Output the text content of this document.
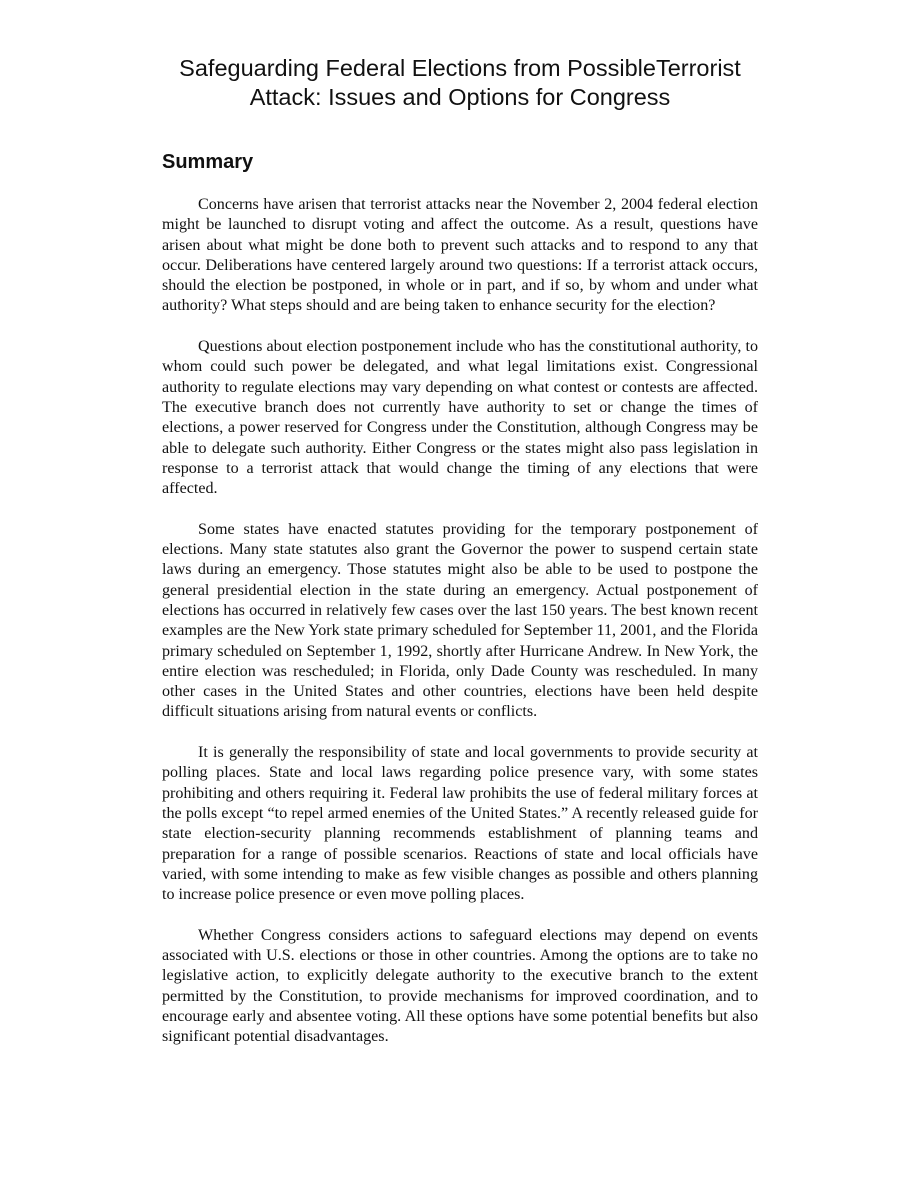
Safeguarding Federal Elections from PossibleTerrorist
Attack: Issues and Options for Congress
Summary

Concerns have arisen that terrorist attacks near the November 2, 2004 federal election might be launched to disrupt voting and affect the outcome. As a result, questions have arisen about what might be done both to prevent such attacks and to respond to any that occur. Deliberations have centered largely around two questions: If a terrorist attack occurs, should the election be postponed, in whole or in part, and if so, by whom and under what authority? What steps should and are being taken to enhance security for the election?

Questions about election postponement include who has the constitutional authority, to whom could such power be delegated, and what legal limitations exist. Congressional authority to regulate elections may vary depending on what contest or contests are affected. The executive branch does not currently have authority to set or change the times of elections, a power reserved for Congress under the Constitution, although Congress may be able to delegate such authority. Either Congress or the states might also pass legislation in response to a terrorist attack that would change the timing of any elections that were affected.

Some states have enacted statutes providing for the temporary postponement of elections. Many state statutes also grant the Governor the power to suspend certain state laws during an emergency. Those statutes might also be able to be used to postpone the general presidential election in the state during an emergency. Actual postponement of elections has occurred in relatively few cases over the last 150 years. The best known recent examples are the New York state primary scheduled for September 11, 2001, and the Florida primary scheduled on September 1, 1992, shortly after Hurricane Andrew. In New York, the entire election was rescheduled; in Florida, only Dade County was rescheduled. In many other cases in the United States and other countries, elections have been held despite difficult situations arising from natural events or conflicts.

It is generally the responsibility of state and local governments to provide security at polling places. State and local laws regarding police presence vary, with some states prohibiting and others requiring it. Federal law prohibits the use of federal military forces at the polls except “to repel armed enemies of the United States.” A recently released guide for state election-security planning recommends establishment of planning teams and preparation for a range of possible scenarios. Reactions of state and local officials have varied, with some intending to make as few visible changes as possible and others planning to increase police presence or even move polling places.

Whether Congress considers actions to safeguard elections may depend on events associated with U.S. elections or those in other countries. Among the options are to take no legislative action, to explicitly delegate authority to the executive branch to the extent permitted by the Constitution, to provide mechanisms for improved coordination, and to encourage early and absentee voting. All these options have some potential benefits but also significant potential disadvantages.
